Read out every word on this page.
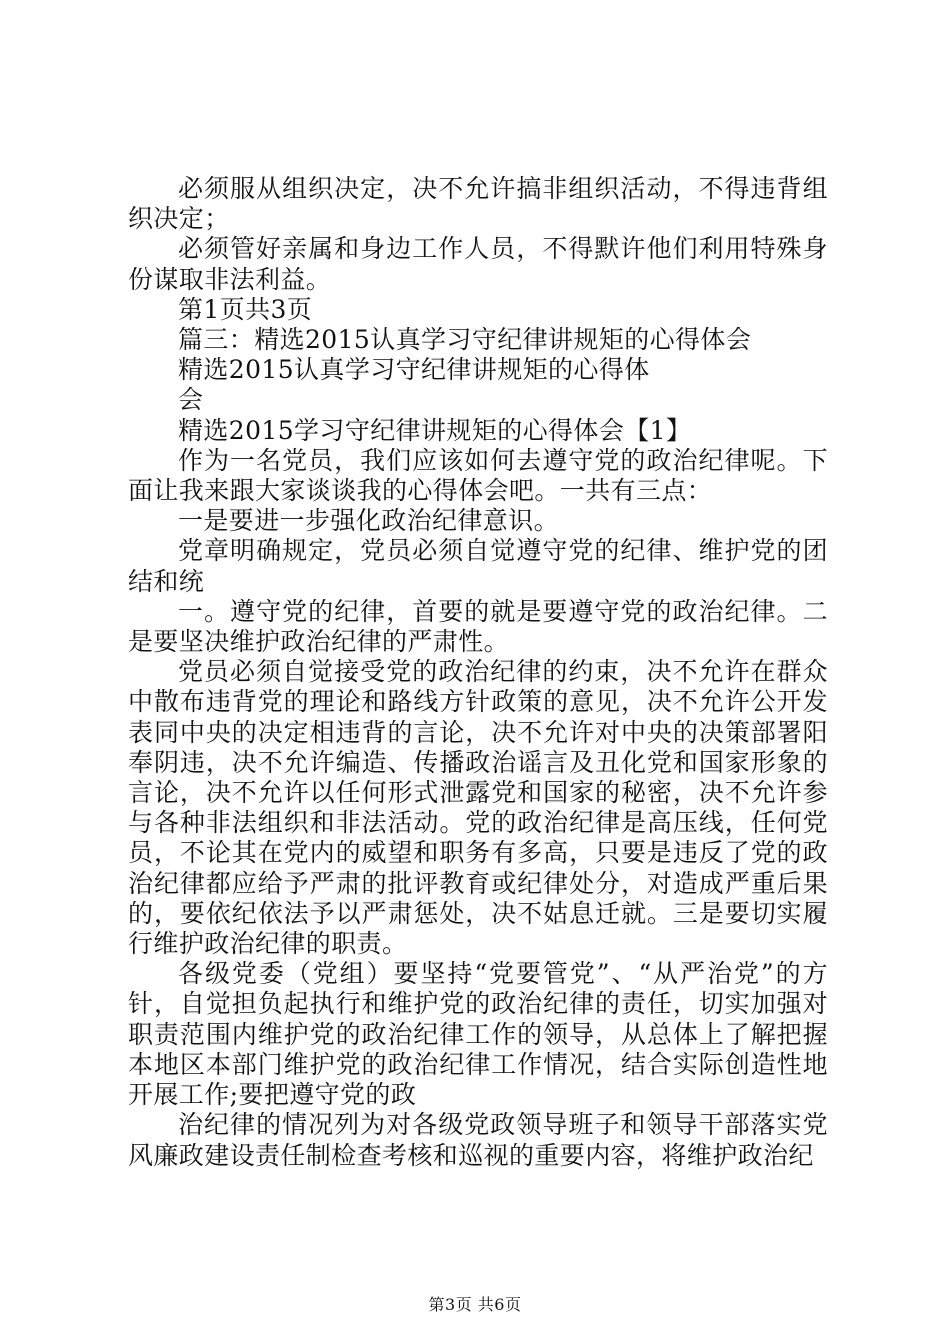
必须服从组织决定，决不允许搞非组织活动，不得违背组织决定；

必须管好亲属和身边工作人员，不得默许他们利用特殊身份谋取非法利益。

第1页共3页

篇三：精选2015认真学习守纪律讲规矩的心得体会

精选2015认真学习守纪律讲规矩的心得体

会

精选2015学习守纪律讲规矩的心得体会【1】

作为一名党员，我们应该如何去遵守党的政治纪律呢。下面让我来跟大家谈谈我的心得体会吧。一共有三点：

一是要进一步强化政治纪律意识。

党章明确规定，党员必须自觉遵守党的纪律、维护党的团结和统

一。遵守党的纪律，首要的就是要遵守党的政治纪律。二是要坚决维护政治纪律的严肃性。

党员必须自觉接受党的政治纪律的约束，决不允许在群众中散布违背党的理论和路线方针政策的意见，决不允许公开发表同中央的决定相违背的言论，决不允许对中央的决策部署阳奉阴违，决不允许编造、传播政治谣言及丑化党和国家形象的言论，决不允许以任何形式泄露党和国家的秘密，决不允许参与各种非法组织和非法活动。党的政治纪律是高压线，任何党员，不论其在党内的威望和职务有多高，只要是违反了党的政治纪律都应给予严肃的批评教育或纪律处分，对造成严重后果的，要依纪依法予以严肃惩处，决不姑息迁就。三是要切实履行维护政治纪律的职责。

各级党委（党组）要坚持“党要管党”、“从严治党”的方针，自觉担负起执行和维护党的政治纪律的责任，切实加强对职责范围内维护党的政治纪律工作的领导，从总体上了解把握本地区本部门维护党的政治纪律工作情况，结合实际创造性地开展工作;要把遵守党的政

治纪律的情况列为对各级党政领导班子和领导干部落实党风廉政建设责任制检查考核和巡视的重要内容，将维护政治纪

第3页 共6页
